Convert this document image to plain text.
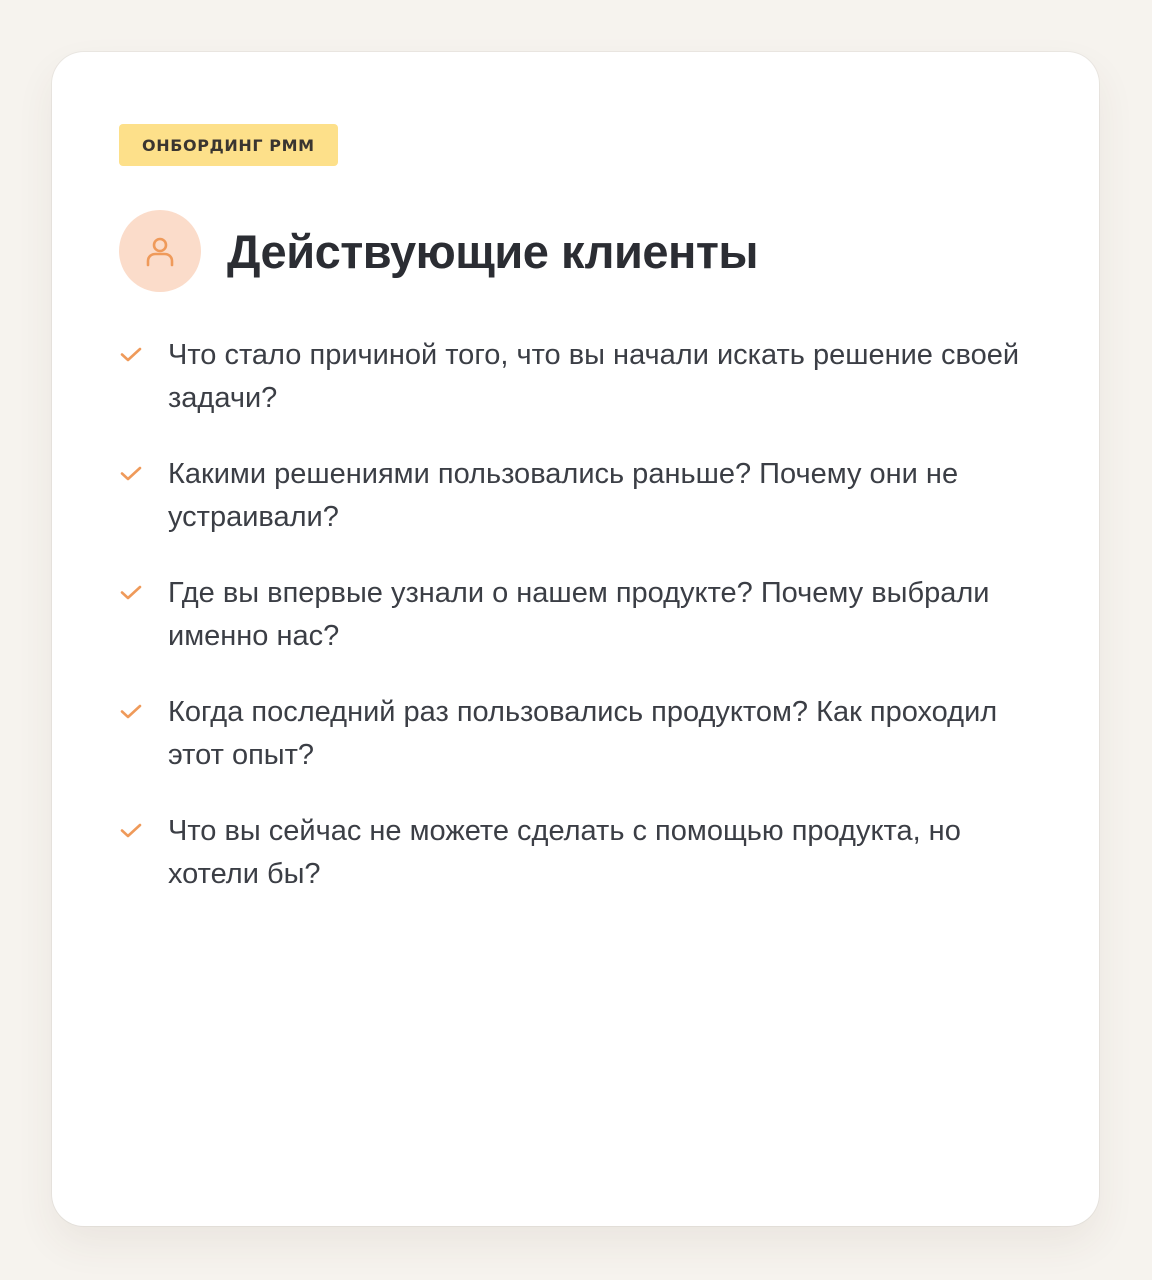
ОНБОРДИНГ РММ
Действующие клиенты
Что стало причиной того, что вы начали искать решение своей задачи?
Какими решениями пользовались раньше? Почему они не устраивали?
Где вы впервые узнали о нашем продукте? Почему выбрали именно нас?
Когда последний раз пользовались продуктом? Как проходил этот опыт?
Что вы сейчас не можете сделать с помощью продукта, но хотели бы?
